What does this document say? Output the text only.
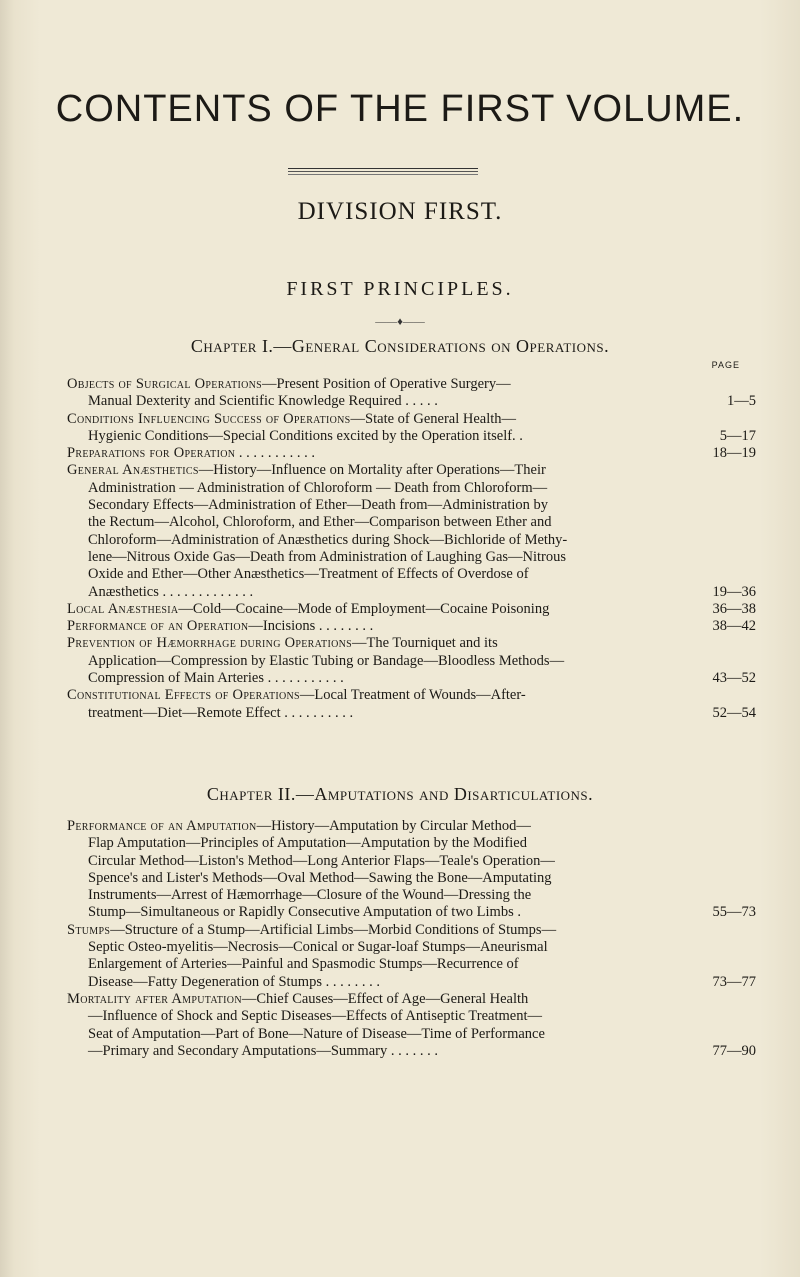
CONTENTS OF THE FIRST VOLUME.
DIVISION FIRST.
FIRST PRINCIPLES.
——♦——
Chapter I.—General Considerations on Operations.
PAGE
Objects of Surgical Operations—Present Position of Operative Surgery—
Manual Dexterity and Scientific Knowledge Required . . . . .	1—5
Conditions Influencing Success of Operations—State of General Health—
Hygienic Conditions—Special Conditions excited by the Operation itself. .	5—17
Preparations for Operation . . . . . . . . . . .	18—19
General Anæsthetics—History—Influence on Mortality after Operations—Their
Administration — Administration of Chloroform — Death from Chloroform—
Secondary Effects—Administration of Ether—Death from—Administration by
the Rectum—Alcohol, Chloroform, and Ether—Comparison between Ether and
Chloroform—Administration of Anæsthetics during Shock—Bichloride of Methy-
lene—Nitrous Oxide Gas—Death from Administration of Laughing Gas—Nitrous
Oxide and Ether—Other Anæsthetics—Treatment of Effects of Overdose of
Anæsthetics . . . . . . . . . . . . .	19—36
Local Anæsthesia—Cold—Cocaine—Mode of Employment—Cocaine Poisoning	36—38
Performance of an Operation—Incisions . . . . . . . .	38—42
Prevention of Hæmorrhage during Operations—The Tourniquet and its
Application—Compression by Elastic Tubing or Bandage—Bloodless Methods—
Compression of Main Arteries . . . . . . . . . . .	43—52
Constitutional Effects of Operations—Local Treatment of Wounds—After-
treatment—Diet—Remote Effect . . . . . . . . . .	52—54
Chapter II.—Amputations and Disarticulations.
Performance of an Amputation—History—Amputation by Circular Method—
Flap Amputation—Principles of Amputation—Amputation by the Modified
Circular Method—Liston's Method—Long Anterior Flaps—Teale's Operation—
Spence's and Lister's Methods—Oval Method—Sawing the Bone—Amputating
Instruments—Arrest of Hæmorrhage—Closure of the Wound—Dressing the
Stump—Simultaneous or Rapidly Consecutive Amputation of two Limbs .	55—73
Stumps—Structure of a Stump—Artificial Limbs—Morbid Conditions of Stumps—
Septic Osteo-myelitis—Necrosis—Conical or Sugar-loaf Stumps—Aneurismal
Enlargement of Arteries—Painful and Spasmodic Stumps—Recurrence of
Disease—Fatty Degeneration of Stumps . . . . . . . .	73—77
Mortality after Amputation—Chief Causes—Effect of Age—General Health
—Influence of Shock and Septic Diseases—Effects of Antiseptic Treatment—
Seat of Amputation—Part of Bone—Nature of Disease—Time of Performance
—Primary and Secondary Amputations—Summary . . . . . . .	77—90
